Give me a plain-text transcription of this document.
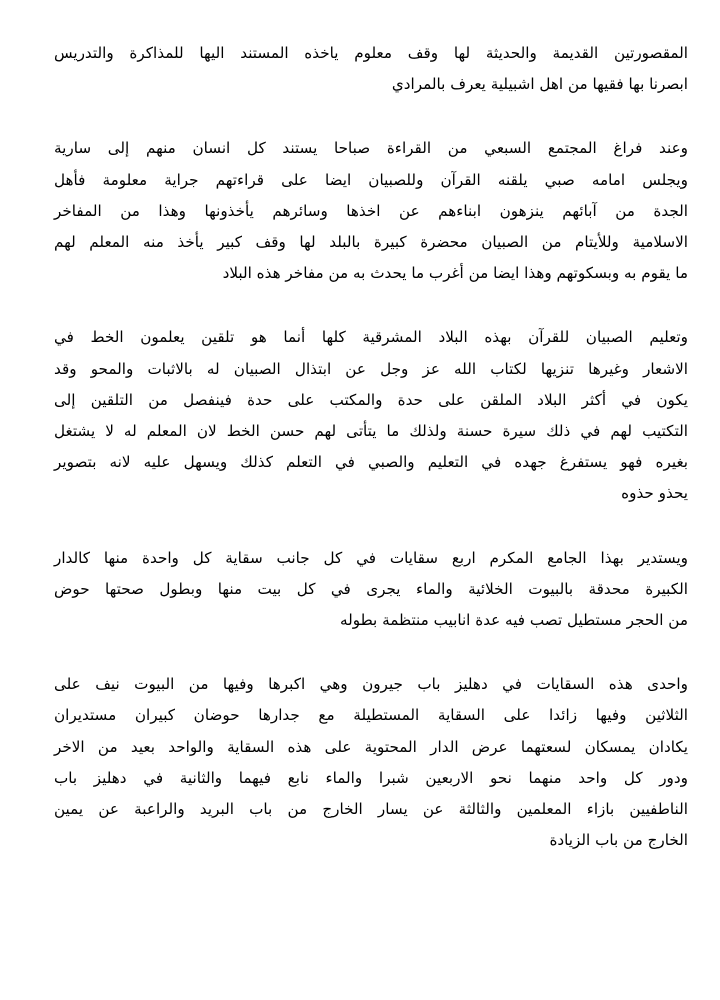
المقصورتين القديمة والحديثة لها وقف معلوم ياخذه المستند اليها للمذاكرة والتدريس
ابصرنا بها فقيها من اهل اشبيلية يعرف بالمرادي
وعند فراغ المجتمع السبعي من القراءة صباحا يستند كل انسان منهم إلى سارية
ويجلس امامه صبي يلقنه القرآن وللصبيان ايضا على قراءتهم جراية معلومة فأهل
الجدة من آبائهم ينزهون ابناءهم عن اخذها وسائرهم يأخذونها وهذا من المفاخر
الاسلامية وللأيتام من الصبيان محضرة كبيرة بالبلد لها وقف كبير يأخذ منه المعلم لهم
ما يقوم به وبسكوتهم وهذا ايضا من أغرب ما يحدث به من مفاخر هذه البلاد
وتعليم الصبيان للقرآن بهذه البلاد المشرقية كلها أنما هو تلقين يعلمون الخط في
الاشعار وغيرها تنزيها لكتاب الله عز وجل عن ابتذال الصبيان له بالاثبات والمحو وقد
يكون في أكثر البلاد الملقن على حدة والمكتب على حدة فينفصل من التلقين إلى
التكتيب لهم في ذلك سيرة حسنة ولذلك ما يتأتى لهم حسن الخط لان المعلم له لا يشتغل
بغيره فهو يستفرغ جهده في التعليم والصبي في التعلم كذلك ويسهل عليه لانه بتصوير
يحذو حذوه
ويستدير بهذا الجامع المكرم اربع سقايات في كل جانب سقاية كل واحدة منها كالدار
الكبيرة محدقة بالبيوت الخلائية والماء يجرى في كل بيت منها وبطول صحتها حوض
من الحجر مستطيل تصب فيه عدة انابيب منتظمة بطوله
واحدى هذه السقايات في دهليز باب جيرون وهي اكبرها وفيها من البيوت نيف على
الثلاثين وفيها زائدا على السقاية المستطيلة مع جدارها حوضان كبيران مستديران
يكادان يمسكان لسعتهما عرض الدار المحتوية على هذه السقاية والواحد بعيد من الاخر
ودور كل واحد منهما نحو الاربعين شبرا والماء نابع فيهما والثانية في دهليز باب
الناطفيين بازاء المعلمين والثالثة عن يسار الخارج من باب البريد والراعبة عن يمين
الخارج من باب الزيادة
